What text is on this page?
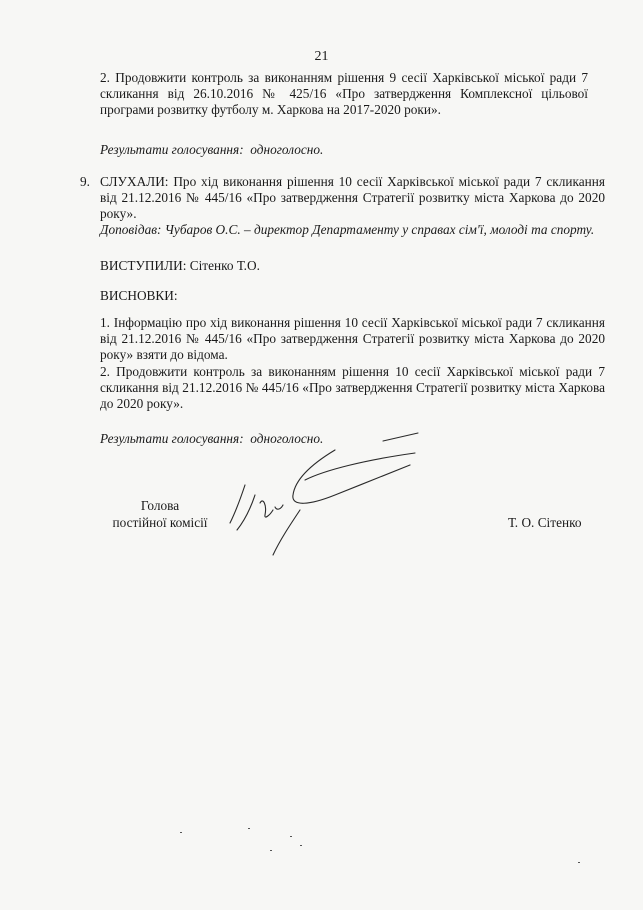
21

2. Продовжити контроль за виконанням рішення 9 сесії Харківської міської ради 7 скликання від 26.10.2016 № 425/16 «Про затвердження Комплексної цільової програми розвитку футболу м. Харкова на 2017-2020 роки».

Результати голосування: одноголосно.

9. СЛУХАЛИ: Про хід виконання рішення 10 сесії Харківської міської ради 7 скликання від 21.12.2016 № 445/16 «Про затвердження Стратегії розвитку міста Харкова до 2020 року».

Доповідав: Чубаров О.С. – директор Департаменту у справах сім'ї, молоді та спорту.

ВИСТУПИЛИ: Сітенко Т.О.

ВИСНОВКИ:

1. Інформацію про хід виконання рішення 10 сесії Харківської міської ради 7 скликання від 21.12.2016 № 445/16 «Про затвердження Стратегії розвитку міста Харкова до 2020 року» взяти до відома.

2. Продовжити контроль за виконанням рішення 10 сесії Харківської міської ради 7 скликання від 21.12.2016 № 445/16 «Про затвердження Стратегії розвитку міста Харкова до 2020 року».

Результати голосування: одноголосно.

Голова
постійної комісії	Т. О. Сітенко
